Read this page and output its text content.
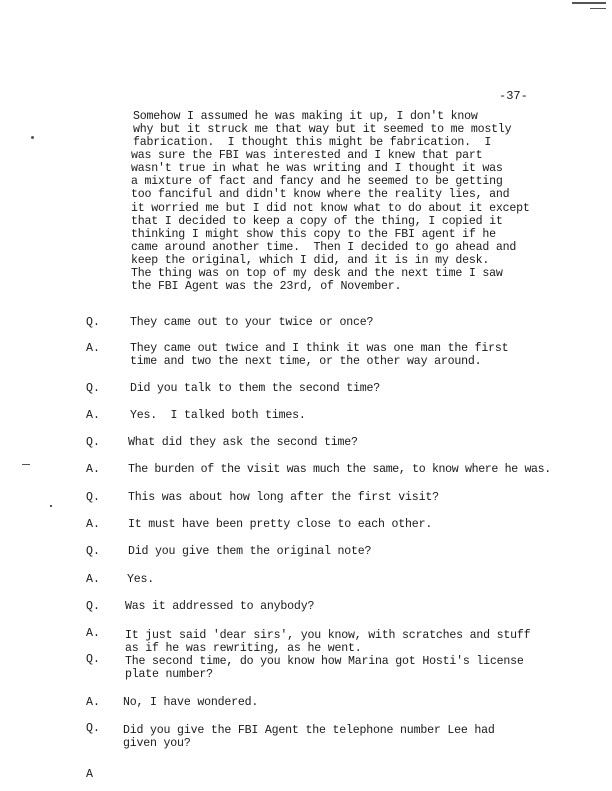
-37-
Somehow I assumed he was making it up, I don't know
why but it struck me that way but it seemed to me mostly
fabrication.  I thought this might be fabrication.  I
was sure the FBI was interested and I knew that part
wasn't true in what he was writing and I thought it was
a mixture of fact and fancy and he seemed to be getting
too fanciful and didn't know where the reality lies, and
it worried me but I did not know what to do about it except
that I decided to keep a copy of the thing, I copied it
thinking I might show this copy to the FBI agent if he
came around another time.  Then I decided to go ahead and
keep the original, which I did, and it is in my desk.
The thing was on top of my desk and the next time I saw
the FBI Agent was the 23rd, of November.
Q.	They came out to your twice or once?
A.	They came out twice and I think it was one man the first
time and two the next time, or the other way around.
Q.	Did you talk to them the second time?
A.	Yes.  I talked both times.
Q. What did they ask the second time?
A. The burden of the visit was much the same, to know where he was.
Q. This was about how long after the first visit?
A. It must have been pretty close to each other.
Q. Did you give them the original note?
A. Yes.
Q. Was it addressed to anybody?
A. It just said 'dear sirs', you know, with scratches and stuff
as if he was rewriting, as he went.
Q. The second time, do you know how Marina got Hosti's license
plate number?
A. No, I have wondered.
Q. Did you give the FBI Agent the telephone number Lee had
given you?
A
